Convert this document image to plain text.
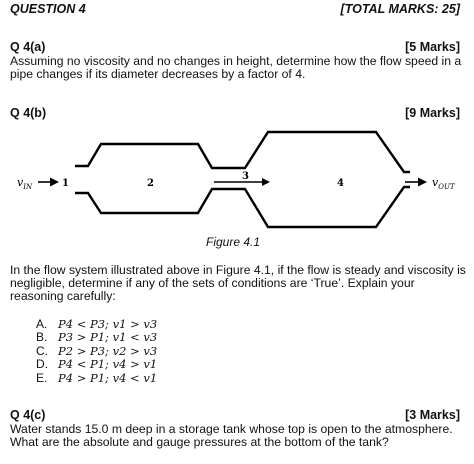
QUESTION 4	[TOTAL MARKS: 25]
Q 4(a)	[5 Marks]
Assuming no viscosity and no changes in height, determine how the flow speed in a
pipe changes if its diameter decreases by a factor of 4.
Q 4(b)	[9 Marks]
$v_{IN}$	$v_{OUT}$
1	2
3
4
Figure 4.1
In the flow system illustrated above in Figure 4.1, if the flow is steady and viscosity is
negligible, determine if any of the sets of conditions are ‘True’. Explain your
reasoning carefully:
A. P4 < P3; v1 > v3
B. P3 > P1; v1 < v3
C. P2 > P3; v2 > v3
D. P4 < P1; v4 > v1
E. P4 > P1; v4 < v1
Q 4(c)	[3 Marks]
Water stands 15.0 m deep in a storage tank whose top is open to the atmosphere.
What are the absolute and gauge pressures at the bottom of the tank?
